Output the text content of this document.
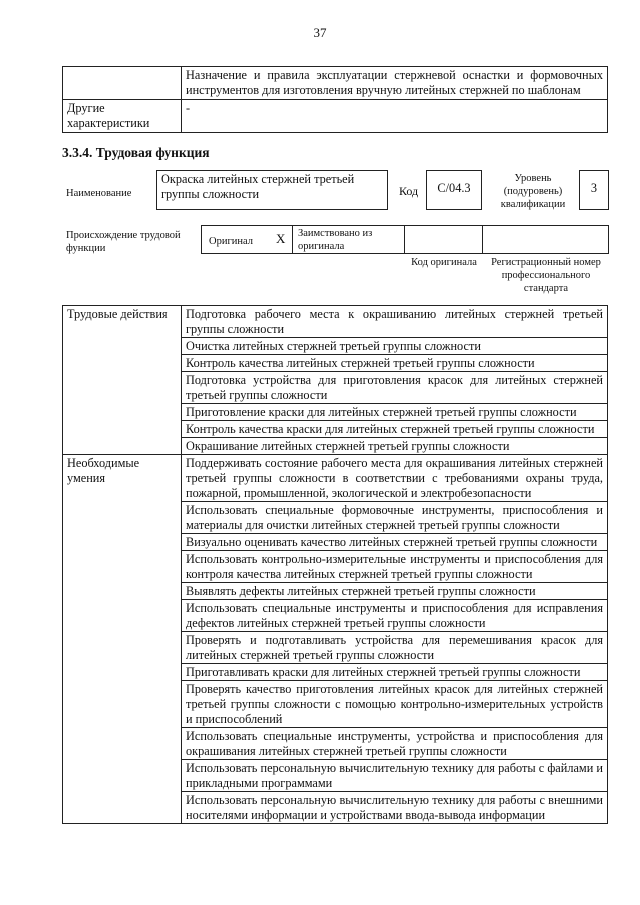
37
	Назначение и правила эксплуатации стержневой оснастки и формовочных инструментов для изготовления вручную литейных стержней по шаблонам
Другие характеристики	-
3.3.4. Трудовая функция
Наименование
Окраска литейных стержней третьей группы сложности	Код	C/04.3
Уровень (подуровень) квалификации
3
Происхождение трудовой функции
Оригинал X Заимствовано из оригинала
Код оригинала	Регистрационный номер профессионального стандарта
Трудовые действия	Подготовка рабочего места к окрашиванию литейных стержней третьей группы сложности
	Очистка литейных стержней третьей группы сложности
	Контроль качества литейных стержней третьей группы сложности
	Подготовка устройства для приготовления красок для литейных стержней третьей группы сложности
	Приготовление краски для литейных стержней третьей группы сложности
	Контроль качества краски для литейных стержней третьей группы сложности
	Окрашивание литейных стержней третьей группы сложности
Необходимые умения	Поддерживать состояние рабочего места для окрашивания литейных стержней третьей группы сложности в соответствии с требованиями охраны труда, пожарной, промышленной, экологической и электробезопасности
	Использовать специальные формовочные инструменты, приспособления и материалы для очистки литейных стержней третьей группы сложности
	Визуально оценивать качество литейных стержней третьей группы сложности
	Использовать контрольно-измерительные инструменты и приспособления для контроля качества литейных стержней третьей группы сложности
	Выявлять дефекты литейных стержней третьей группы сложности
	Использовать специальные инструменты и приспособления для исправления дефектов литейных стержней третьей группы сложности
	Проверять и подготавливать устройства для перемешивания красок для литейных стержней третьей группы сложности
	Приготавливать краски для литейных стержней третьей группы сложности
	Проверять качество приготовления литейных красок для литейных стержней третьей группы сложности с помощью контрольно-измерительных устройств и приспособлений
	Использовать специальные инструменты, устройства и приспособления для окрашивания литейных стержней третьей группы сложности
	Использовать персональную вычислительную технику для работы с файлами и прикладными программами
	Использовать персональную вычислительную технику для работы с внешними носителями информации и устройствами ввода-вывода информации
